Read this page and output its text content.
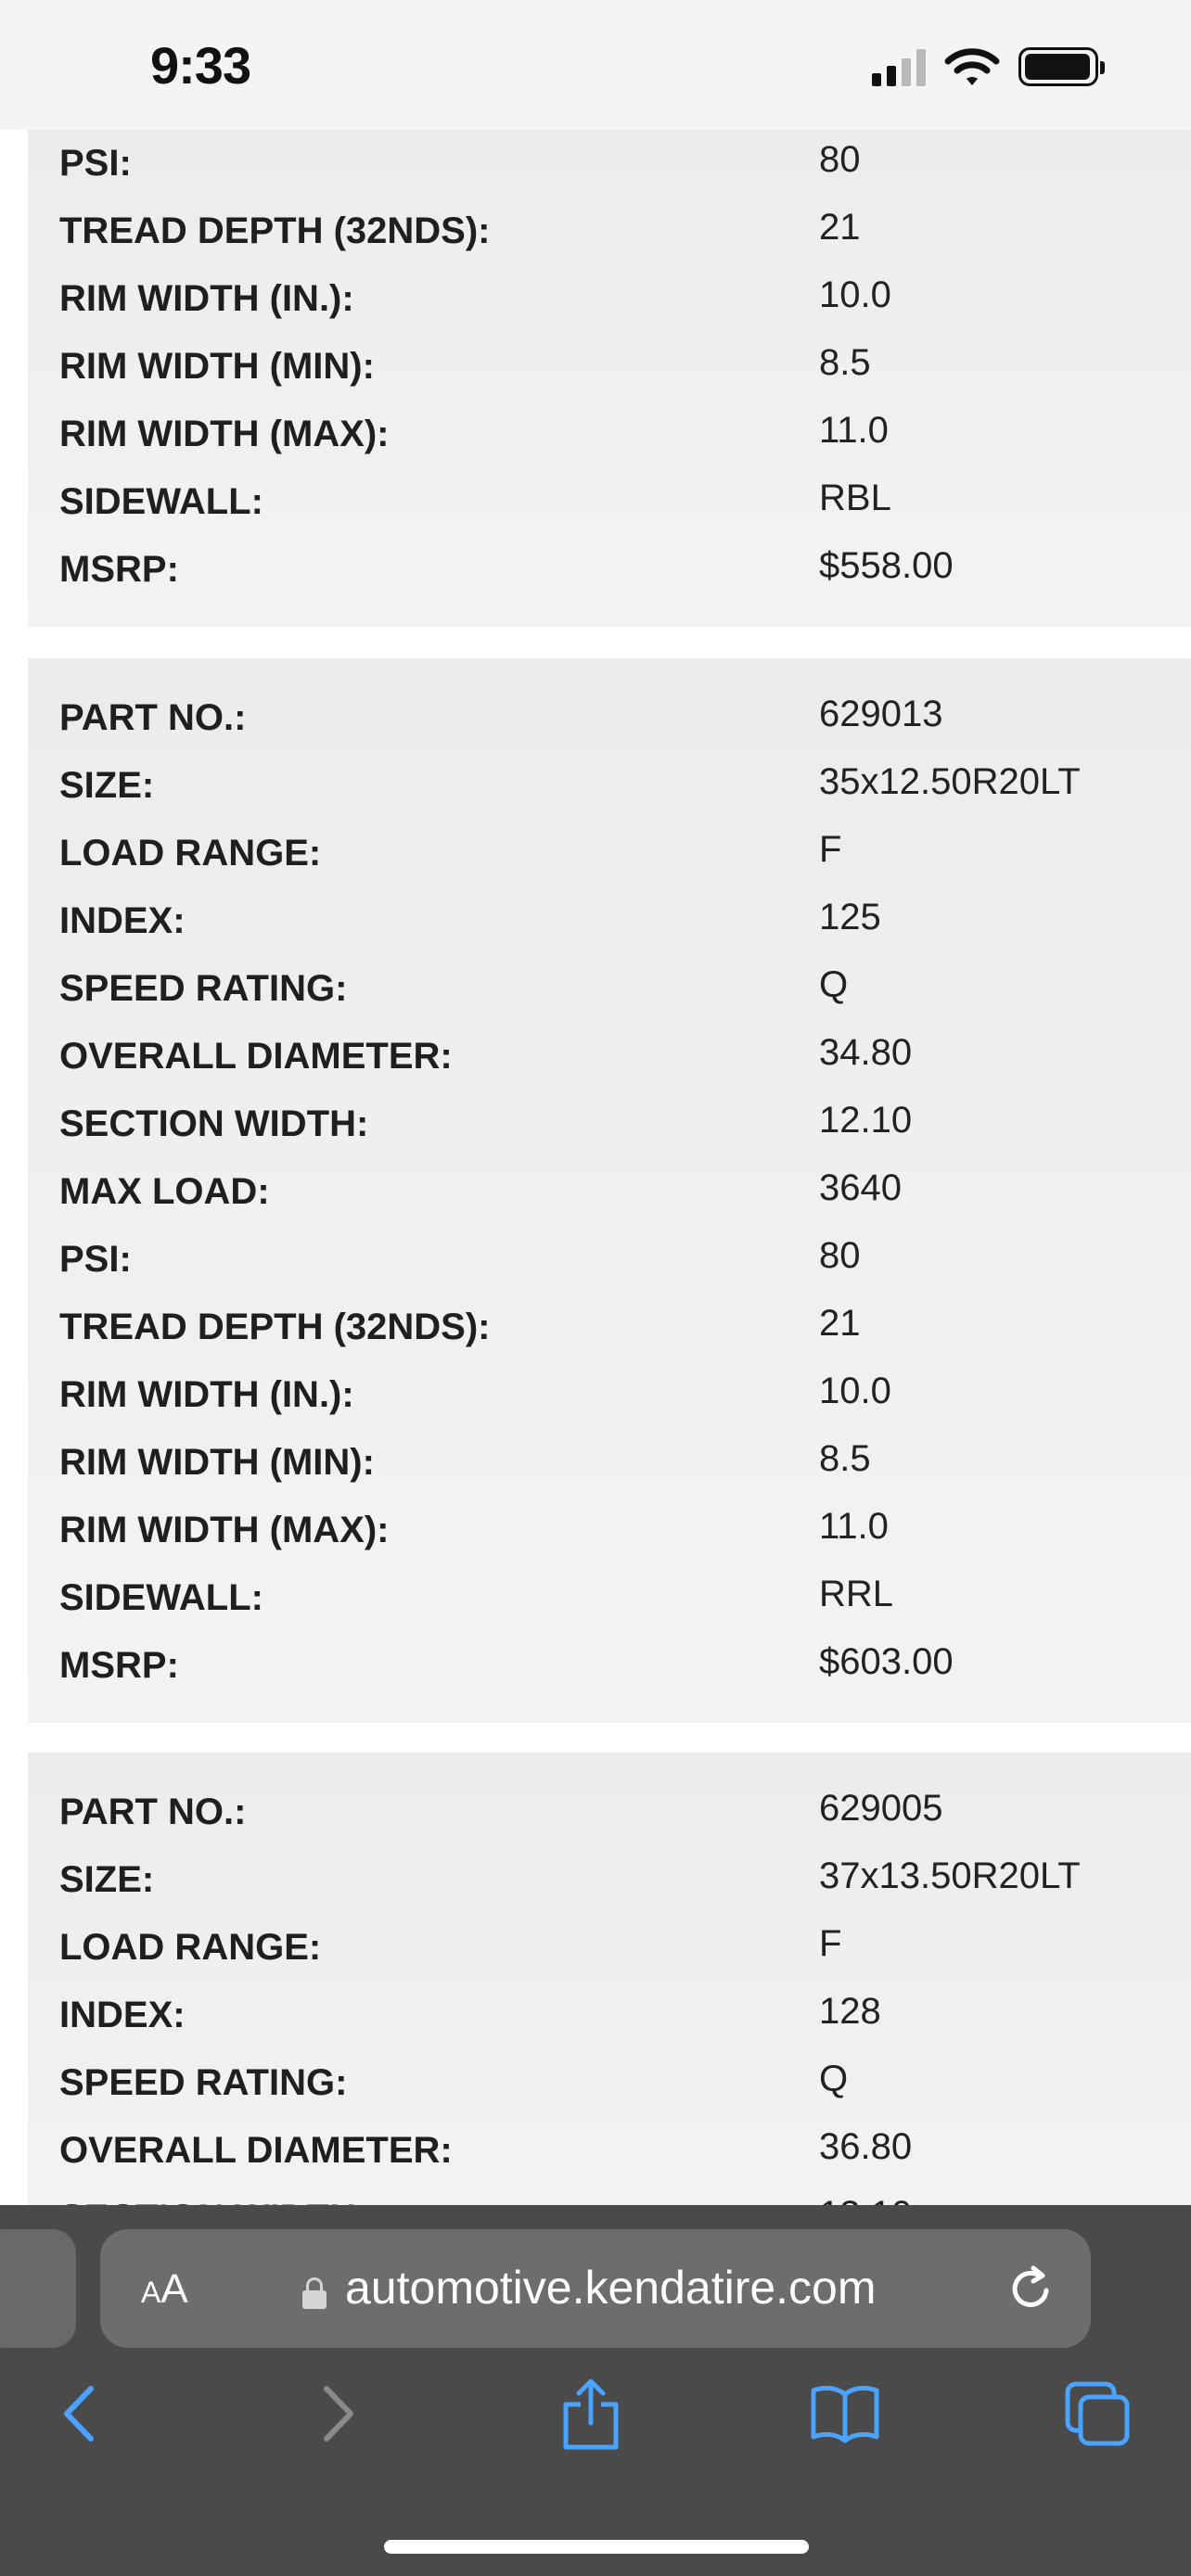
PSI:	80
TREAD DEPTH (32NDS):	21
RIM WIDTH (IN.):	10.0
RIM WIDTH (MIN):	8.5
RIM WIDTH (MAX):	11.0
SIDEWALL:	RBL
MSRP:	$558.00
PART NO.:	629013
SIZE:	35x12.50R20LT
LOAD RANGE:	F
INDEX:	125
SPEED RATING:	Q
OVERALL DIAMETER:	34.80
SECTION WIDTH:	12.10
MAX LOAD:	3640
PSI:	80
TREAD DEPTH (32NDS):	21
RIM WIDTH (IN.):	10.0
RIM WIDTH (MIN):	8.5
RIM WIDTH (MAX):	11.0
SIDEWALL:	RRL
MSRP:	$603.00
PART NO.:	629005
SIZE:	37x13.50R20LT
LOAD RANGE:	F
INDEX:	128
SPEED RATING:	Q
OVERALL DIAMETER:	36.80
9:33
AA	automotive.kendatire.com
